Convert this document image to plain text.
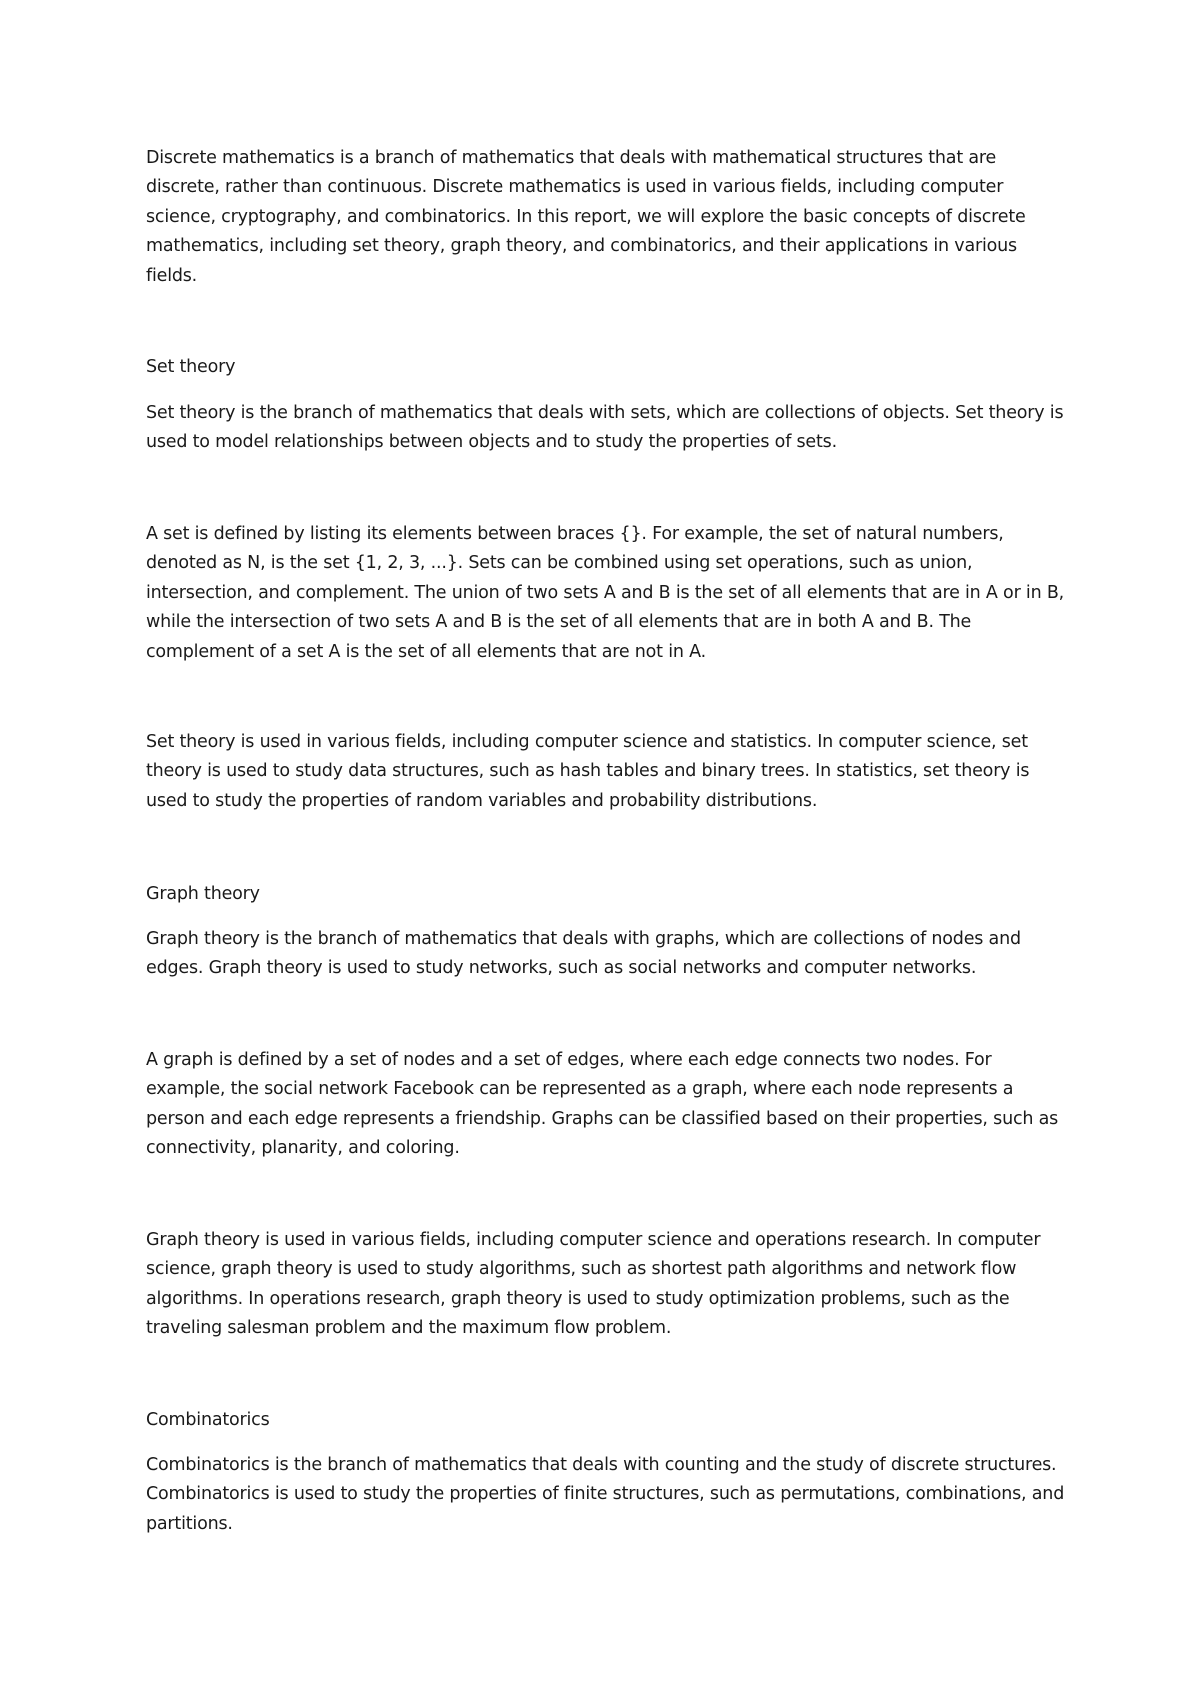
Discrete mathematics is a branch of mathematics that deals with mathematical structures that are discrete, rather than continuous. Discrete mathematics is used in various fields, including computer science, cryptography, and combinatorics. In this report, we will explore the basic concepts of discrete mathematics, including set theory, graph theory, and combinatorics, and their applications in various fields.

Set theory

Set theory is the branch of mathematics that deals with sets, which are collections of objects. Set theory is used to model relationships between objects and to study the properties of sets.

A set is defined by listing its elements between braces {}. For example, the set of natural numbers, denoted as N, is the set {1, 2, 3, ...}. Sets can be combined using set operations, such as union, intersection, and complement. The union of two sets A and B is the set of all elements that are in A or in B, while the intersection of two sets A and B is the set of all elements that are in both A and B. The complement of a set A is the set of all elements that are not in A.

Set theory is used in various fields, including computer science and statistics. In computer science, set theory is used to study data structures, such as hash tables and binary trees. In statistics, set theory is used to study the properties of random variables and probability distributions.

Graph theory

Graph theory is the branch of mathematics that deals with graphs, which are collections of nodes and edges. Graph theory is used to study networks, such as social networks and computer networks.

A graph is defined by a set of nodes and a set of edges, where each edge connects two nodes. For example, the social network Facebook can be represented as a graph, where each node represents a person and each edge represents a friendship. Graphs can be classified based on their properties, such as connectivity, planarity, and coloring.

Graph theory is used in various fields, including computer science and operations research. In computer science, graph theory is used to study algorithms, such as shortest path algorithms and network flow algorithms. In operations research, graph theory is used to study optimization problems, such as the traveling salesman problem and the maximum flow problem.

Combinatorics

Combinatorics is the branch of mathematics that deals with counting and the study of discrete structures. Combinatorics is used to study the properties of finite structures, such as permutations, combinations, and partitions.
